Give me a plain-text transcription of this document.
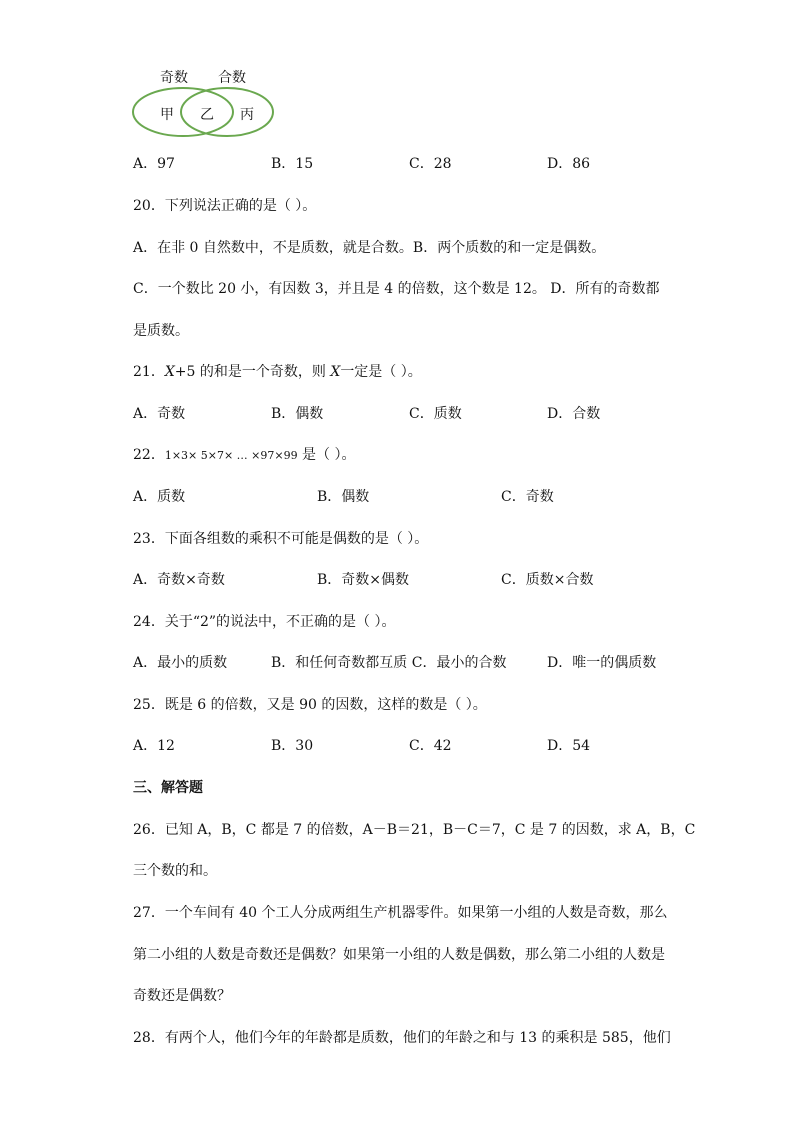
奇数 合数
甲 乙 丙
A．97	B．15	C．28	D．86
20．下列说法正确的是（ ）。
A．在非 0 自然数中，不是质数，就是合数。B．两个质数的和一定是偶数。
C．一个数比 20 小，有因数 3，并且是 4 的倍数，这个数是 12。 D．所有的奇数都
是质数。
21．X+5 的和是一个奇数，则 X一定是（ ）。
A．奇数	B．偶数	C．质数	D．合数
22．1×3× 5×7× … ×97×99 是（ ）。
A．质数	B．偶数	C．奇数
23．下面各组数的乘积不可能是偶数的是（ ）。
A．奇数×奇数	B．奇数×偶数	C．质数×合数
24．关于“2”的说法中，不正确的是（ ）。
A．最小的质数	B．和任何奇数都互质 C．最小的合数	D．唯一的偶质数
25．既是 6 的倍数，又是 90 的因数，这样的数是（ ）。
A．12	B．30	C．42	D．54
三、解答题
26．已知 A，B，C 都是 7 的倍数，A－B＝21，B－C＝7，C 是 7 的因数，求 A，B，C
三个数的和。
27．一个车间有 40 个工人分成两组生产机器零件。如果第一小组的人数是奇数，那么
第二小组的人数是奇数还是偶数？如果第一小组的人数是偶数，那么第二小组的人数是
奇数还是偶数？
28．有两个人，他们今年的年龄都是质数，他们的年龄之和与 13 的乘积是 585，他们
